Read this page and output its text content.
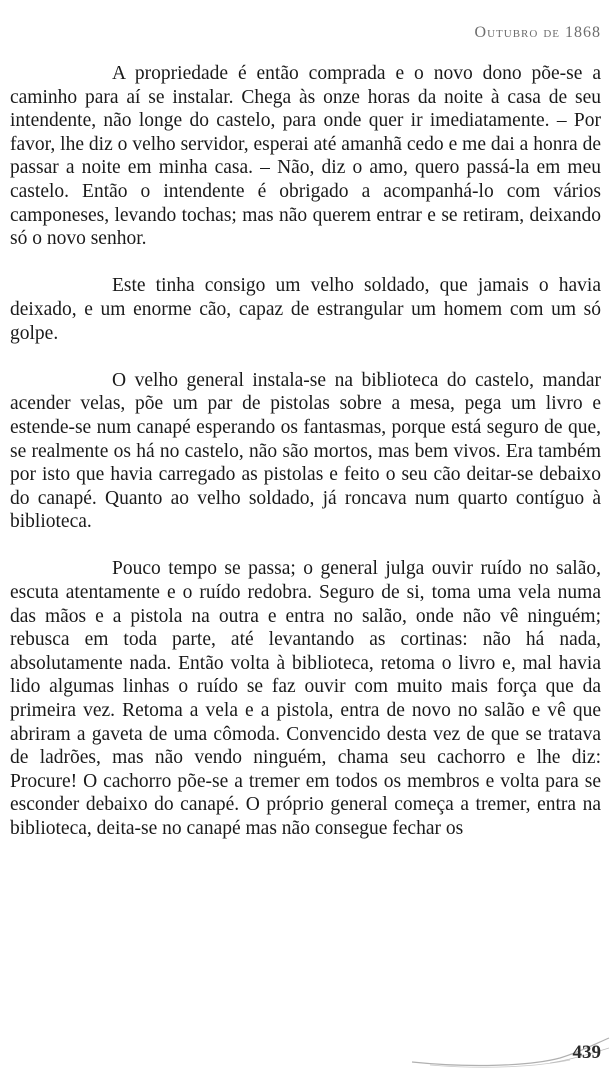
Outubro de 1868

A propriedade é então comprada e o novo dono põe-se a caminho para aí se instalar. Chega às onze horas da noite à casa de seu intendente, não longe do castelo, para onde quer ir imediatamente. – Por favor, lhe diz o velho servidor, esperai até amanhã cedo e me dai a honra de passar a noite em minha casa. – Não, diz o amo, quero passá-la em meu castelo. Então o intendente é obrigado a acompanhá-lo com vários camponeses, levando tochas; mas não querem entrar e se retiram, deixando só o novo senhor.

Este tinha consigo um velho soldado, que jamais o havia deixado, e um enorme cão, capaz de estrangular um homem com um só golpe.

O velho general instala-se na biblioteca do castelo, mandar acender velas, põe um par de pistolas sobre a mesa, pega um livro e estende-se num canapé esperando os fantasmas, porque está seguro de que, se realmente os há no castelo, não são mortos, mas bem vivos. Era também por isto que havia carregado as pistolas e feito o seu cão deitar-se debaixo do canapé. Quanto ao velho soldado, já roncava num quarto contíguo à biblioteca.

Pouco tempo se passa; o general julga ouvir ruído no salão, escuta atentamente e o ruído redobra. Seguro de si, toma uma vela numa das mãos e a pistola na outra e entra no salão, onde não vê ninguém; rebusca em toda parte, até levantando as cortinas: não há nada, absolutamente nada. Então volta à biblioteca, retoma o livro e, mal havia lido algumas linhas o ruído se faz ouvir com muito mais força que da primeira vez. Retoma a vela e a pistola, entra de novo no salão e vê que abriram a gaveta de uma cômoda. Convencido desta vez de que se tratava de ladrões, mas não vendo ninguém, chama seu cachorro e lhe diz: Procure! O cachorro põe-se a tremer em todos os membros e volta para se esconder debaixo do canapé. O próprio general começa a tremer, entra na biblioteca, deita-se no canapé mas não consegue fechar os

439
